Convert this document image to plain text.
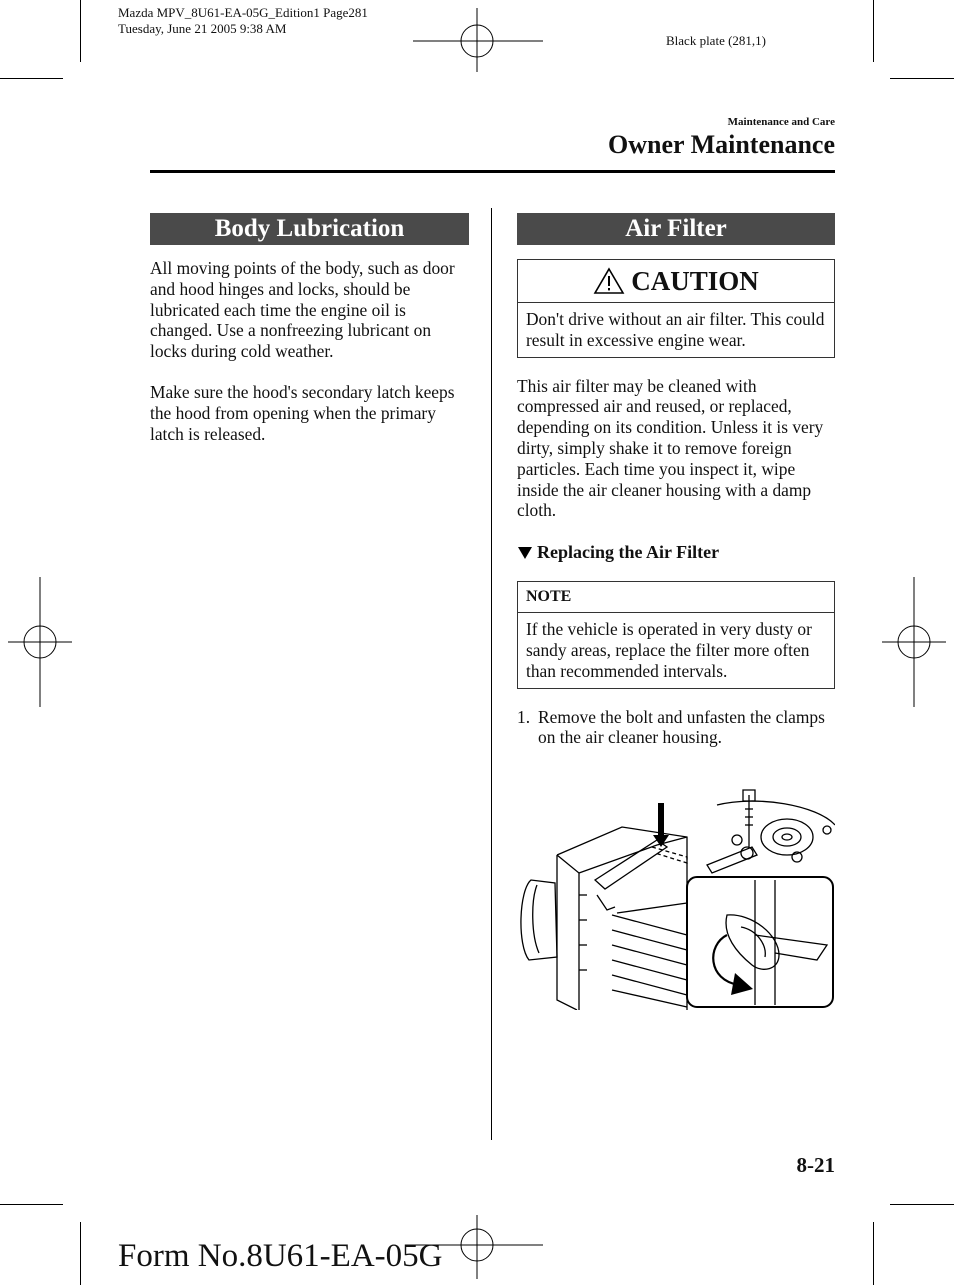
Mazda MPV_8U61-EA-05G_Edition1 Page281
Tuesday, June 21 2005 9:38 AM
Black plate (281,1)
Maintenance and Care
Owner Maintenance
Body Lubrication

All moving points of the body, such as door and hood hinges and locks, should be lubricated each time the engine oil is changed. Use a nonfreezing lubricant on locks during cold weather.

Make sure the hood's secondary latch keeps the hood from opening when the primary latch is released.

Air Filter
CAUTION
Don't drive without an air filter. This could result in excessive engine wear.

This air filter may be cleaned with compressed air and reused, or replaced, depending on its condition. Unless it is very dirty, simply shake it to remove foreign particles. Each time you inspect it, wipe inside the air cleaner housing with a damp cloth.

Replacing the Air Filter
NOTE
If the vehicle is operated in very dusty or sandy areas, replace the filter more often than recommended intervals.
1. Remove the bolt and unfasten the clamps on the air cleaner housing.
8-21
Form No.8U61-EA-05G
